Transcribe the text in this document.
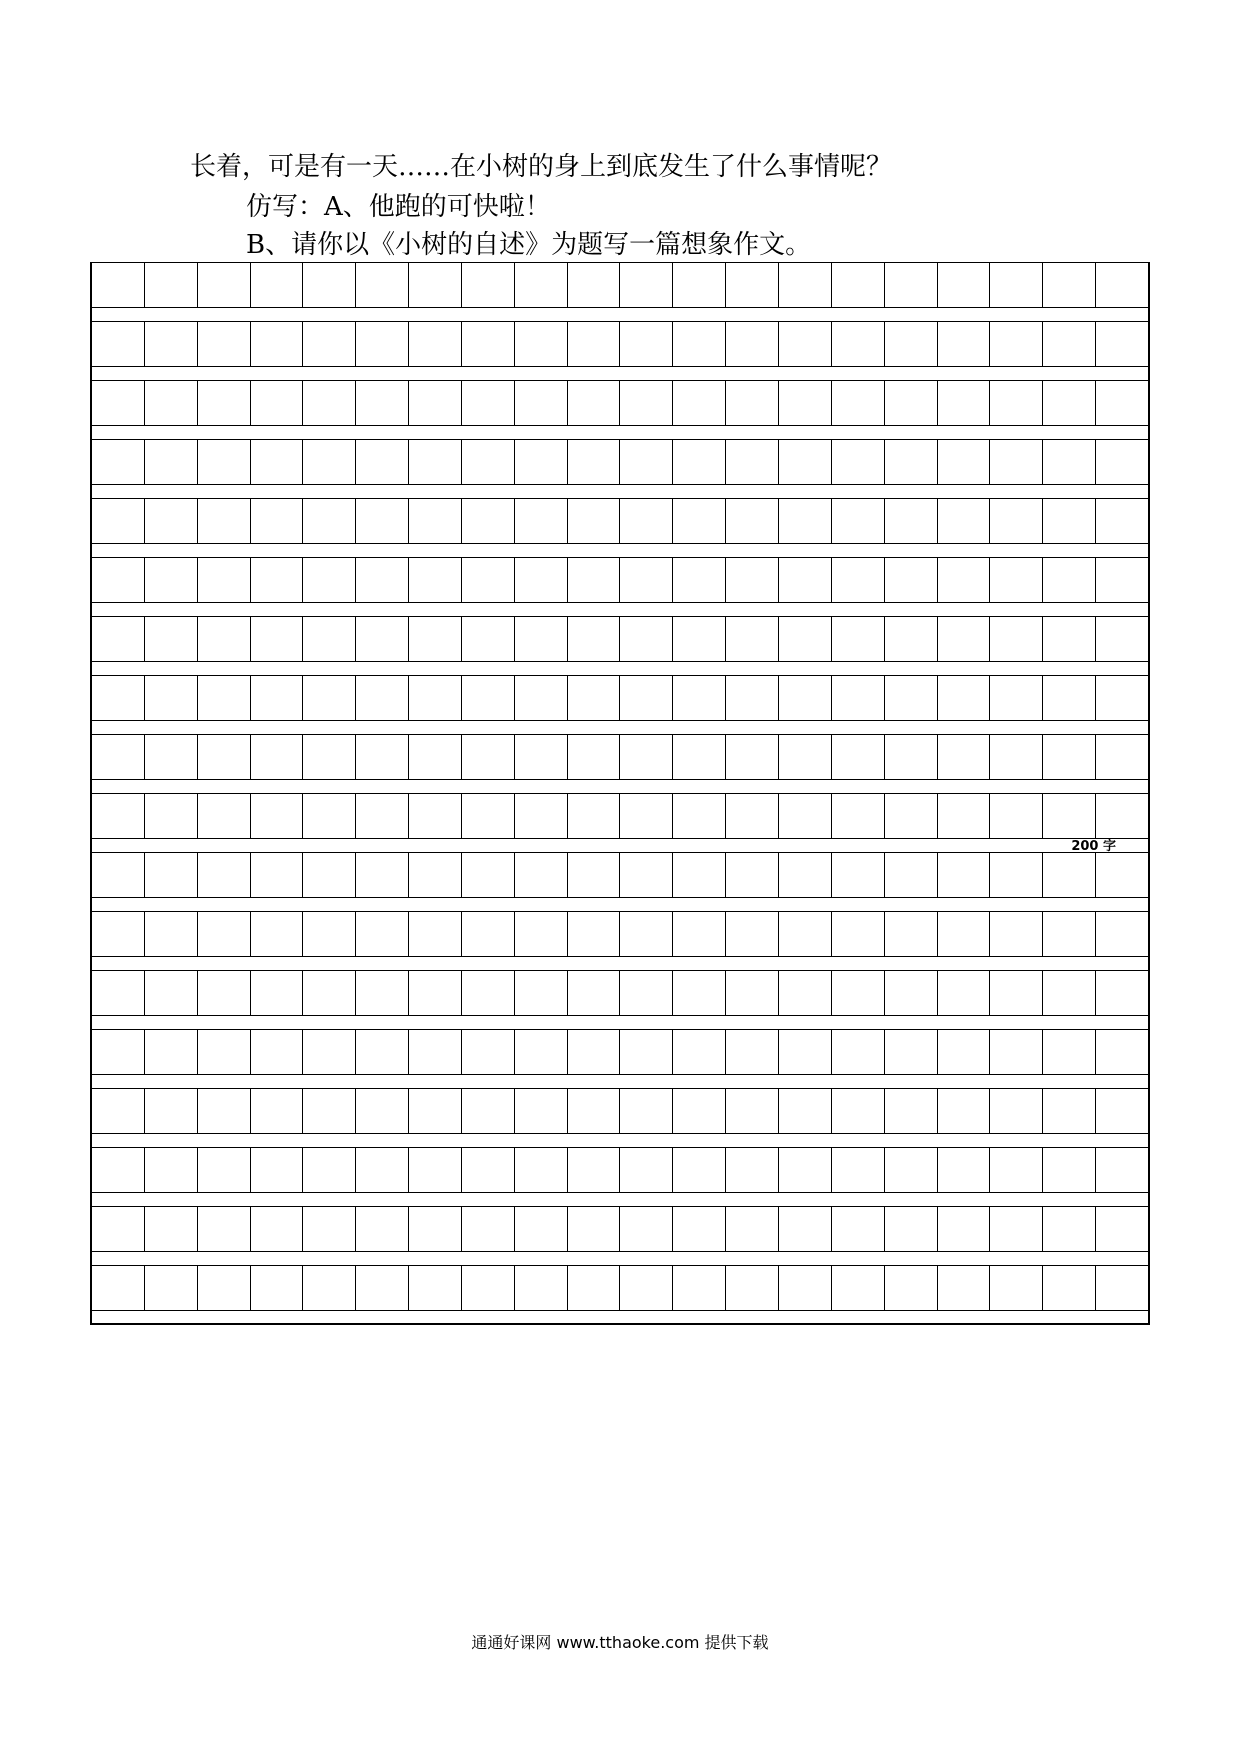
长着，可是有一天……在小树的身上到底发生了什么事情呢？
仿写：A、他跑的可快啦！
B、请你以《小树的自述》为题写一篇想象作文。
200 字
通通好课网 www.tthaoke.com 提供下载
